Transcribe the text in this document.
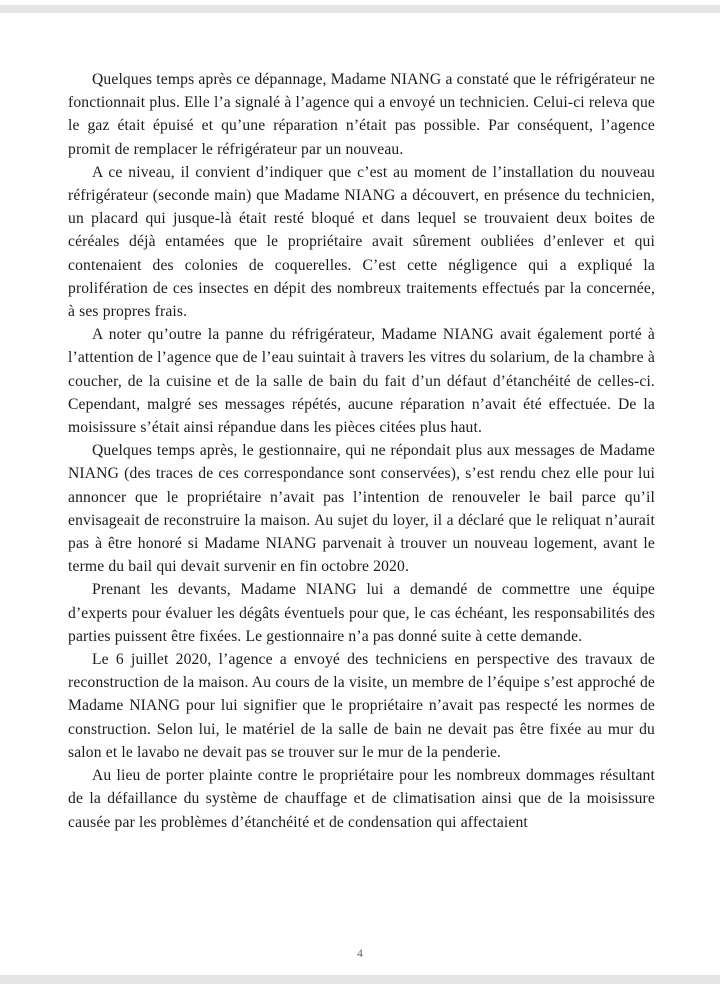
Quelques temps après ce dépannage, Madame NIANG a constaté que le réfrigérateur ne fonctionnait plus. Elle l’a signalé à l’agence qui a envoyé un technicien. Celui-ci releva que le gaz était épuisé et qu’une réparation n’était pas possible. Par conséquent, l’agence promit de remplacer le réfrigérateur par un nouveau.

A ce niveau, il convient d’indiquer que c’est au moment de l’installation du nouveau réfrigérateur (seconde main) que Madame NIANG a découvert, en présence du technicien, un placard qui jusque-là était resté bloqué et dans lequel se trouvaient deux boites de céréales déjà entamées que le propriétaire avait sûrement oubliées d’enlever et qui contenaient des colonies de coquerelles. C’est cette négligence qui a expliqué la prolifération de ces insectes en dépit des nombreux traitements effectués par la concernée, à ses propres frais.

A noter qu’outre la panne du réfrigérateur, Madame NIANG avait également porté à l’attention de l’agence que de l’eau suintait à travers les vitres du solarium, de la chambre à coucher, de la cuisine et de la salle de bain du fait d’un défaut d’étanchéité de celles-ci. Cependant, malgré ses messages répétés, aucune réparation n’avait été effectuée. De la moisissure s’était ainsi répandue dans les pièces citées plus haut.

Quelques temps après, le gestionnaire, qui ne répondait plus aux messages de Madame NIANG (des traces de ces correspondance sont conservées), s’est rendu chez elle pour lui annoncer que le propriétaire n’avait pas l’intention de renouveler le bail parce qu’il envisageait de reconstruire la maison. Au sujet du loyer, il a déclaré que le reliquat n’aurait pas à être honoré si Madame NIANG parvenait à trouver un nouveau logement, avant le terme du bail qui devait survenir en fin octobre 2020.

Prenant les devants, Madame NIANG lui a demandé de commettre une équipe d’experts pour évaluer les dégâts éventuels pour que, le cas échéant, les responsabilités des parties puissent être fixées. Le gestionnaire n’a pas donné suite à cette demande.

Le 6 juillet 2020, l’agence a envoyé des techniciens en perspective des travaux de reconstruction de la maison. Au cours de la visite, un membre de l’équipe s’est approché de Madame NIANG pour lui signifier que le propriétaire n’avait pas respecté les normes de construction. Selon lui, le matériel de la salle de bain ne devait pas être fixée au mur du salon et le lavabo ne devait pas se trouver sur le mur de la penderie.

Au lieu de porter plainte contre le propriétaire pour les nombreux dommages résultant de la défaillance du système de chauffage et de climatisation ainsi que de la moisissure causée par les problèmes d’étanchéité et de condensation qui affectaient

4
